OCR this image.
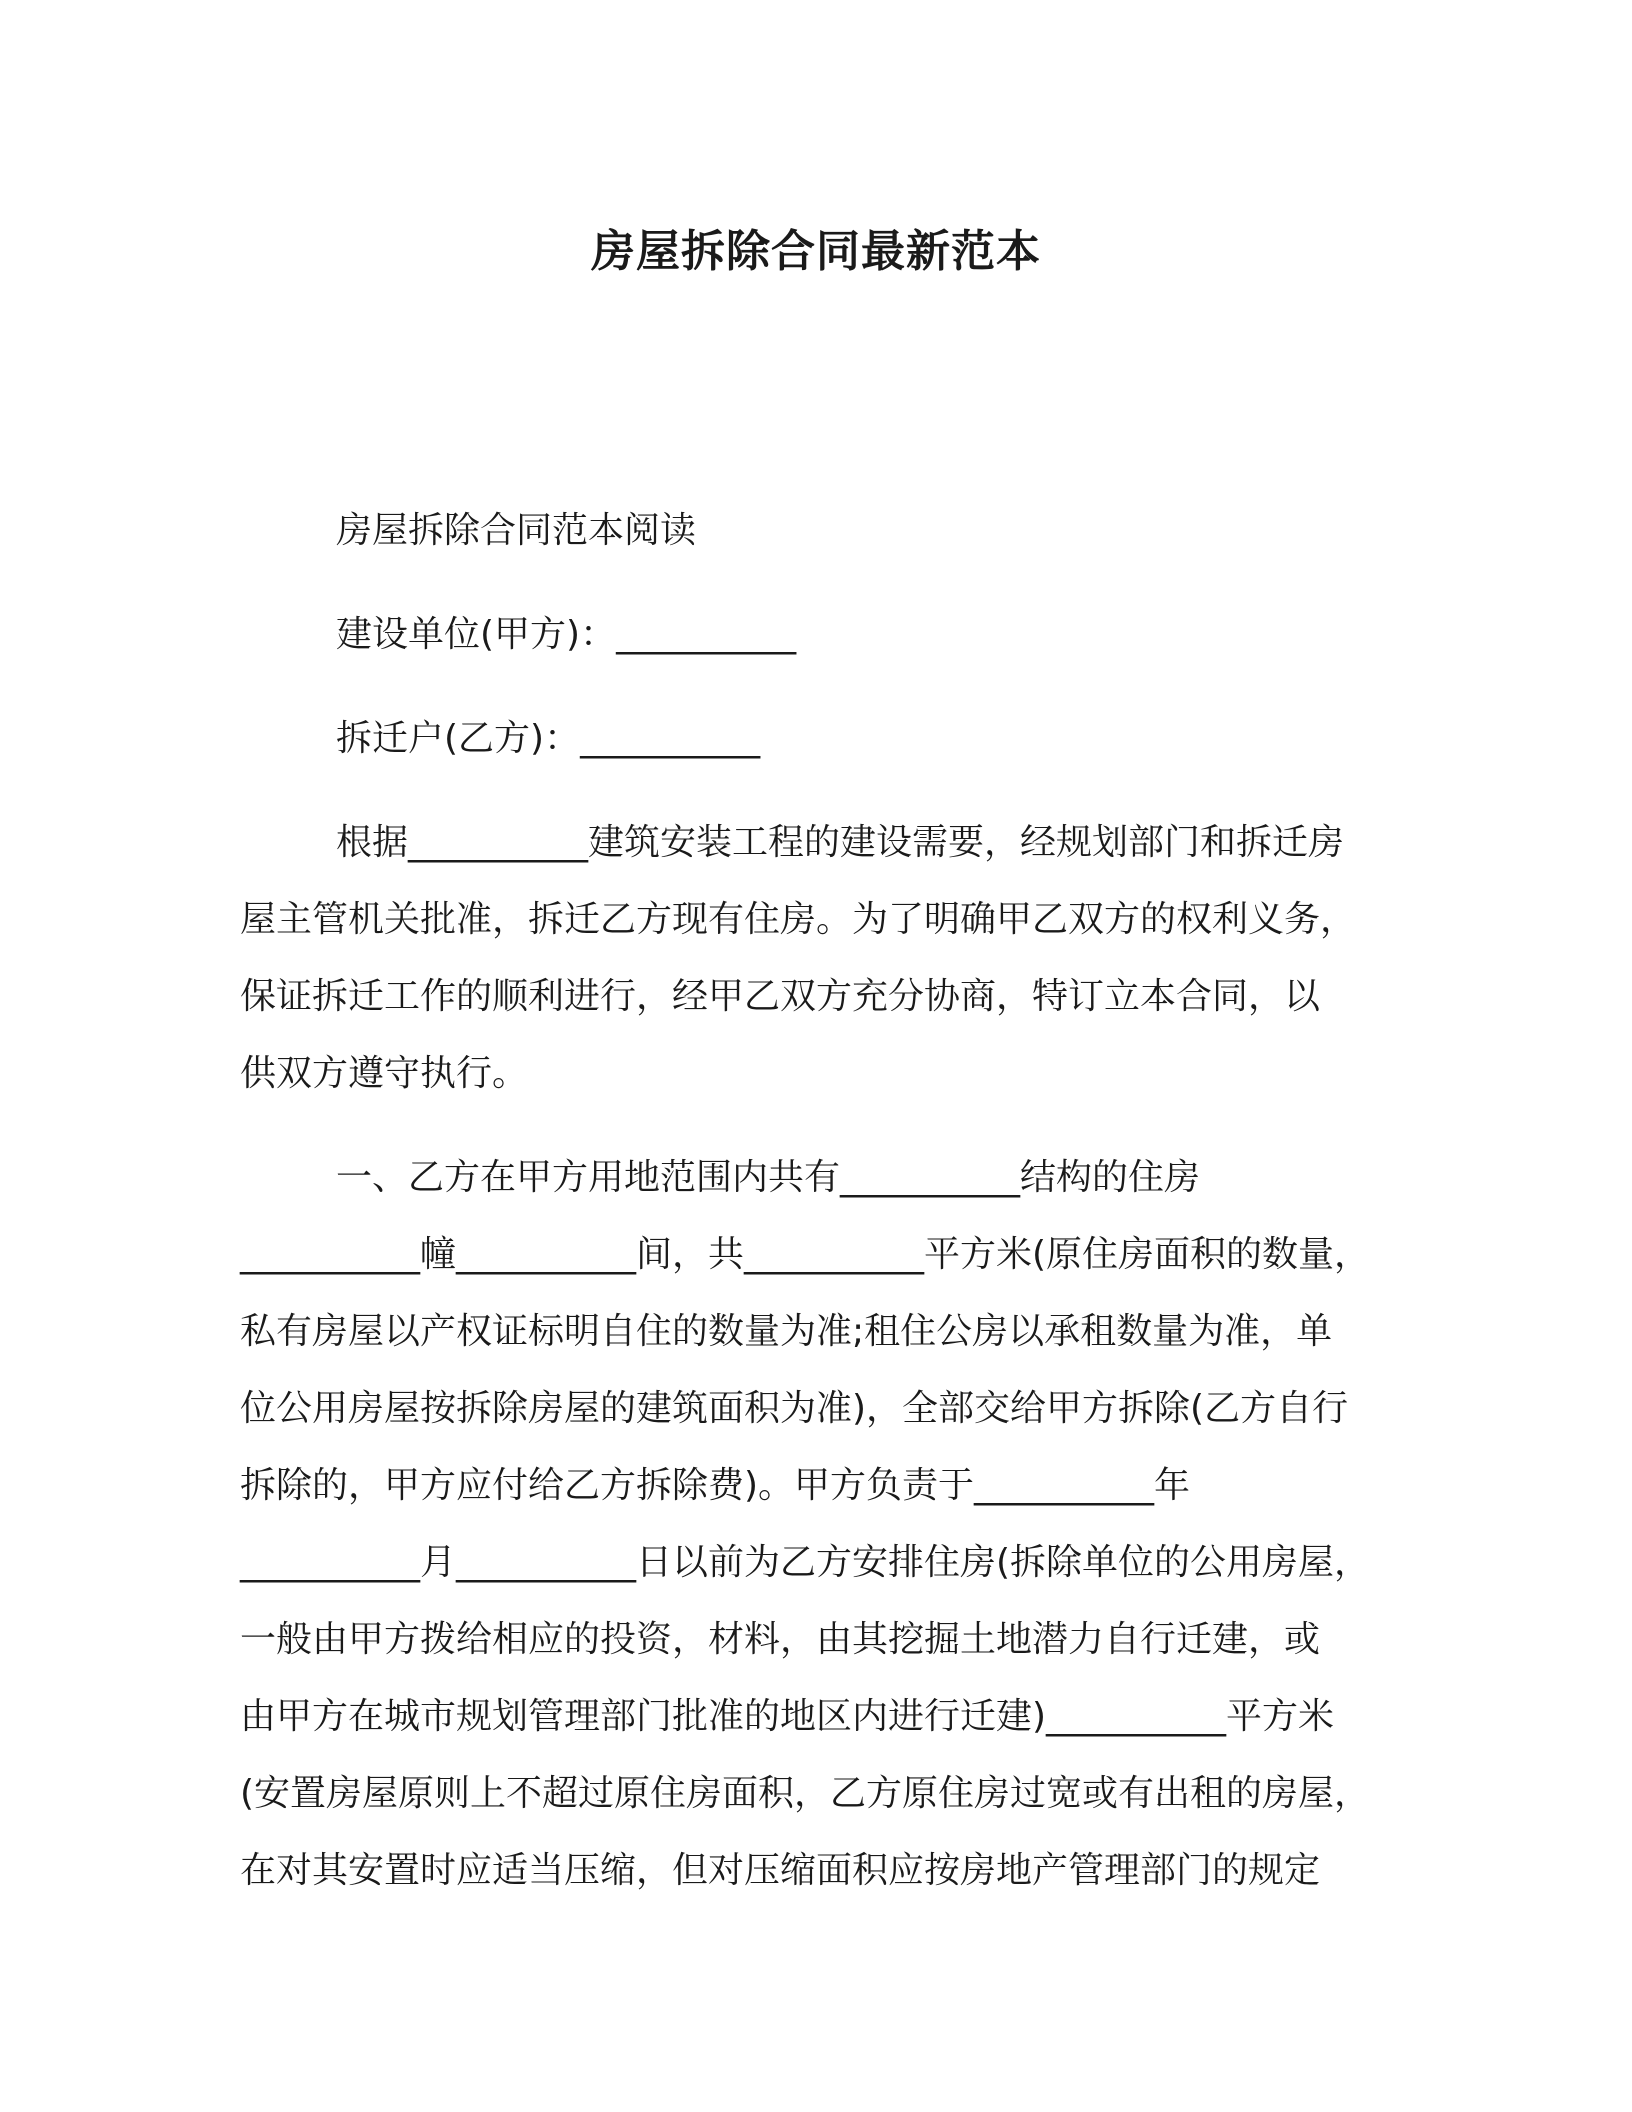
房屋拆除合同最新范本
房屋拆除合同范本阅读
建设单位(甲方)：__________
拆迁户(乙方)：__________
根据__________建筑安装工程的建设需要，经规划部门和拆迁房
屋主管机关批准，拆迁乙方现有住房。为了明确甲乙双方的权利义务，
保证拆迁工作的顺利进行，经甲乙双方充分协商，特订立本合同，以
供双方遵守执行。
一、乙方在甲方用地范围内共有__________结构的住房
__________幢__________间，共__________平方米(原住房面积的数量，
私有房屋以产权证标明自住的数量为准;租住公房以承租数量为准，单
位公用房屋按拆除房屋的建筑面积为准)，全部交给甲方拆除(乙方自行
拆除的，甲方应付给乙方拆除费)。甲方负责于__________年
__________月__________日以前为乙方安排住房(拆除单位的公用房屋，
一般由甲方拨给相应的投资，材料，由其挖掘土地潜力自行迁建，或
由甲方在城市规划管理部门批准的地区内进行迁建)__________平方米
(安置房屋原则上不超过原住房面积，乙方原住房过宽或有出租的房屋，
在对其安置时应适当压缩，但对压缩面积应按房地产管理部门的规定
